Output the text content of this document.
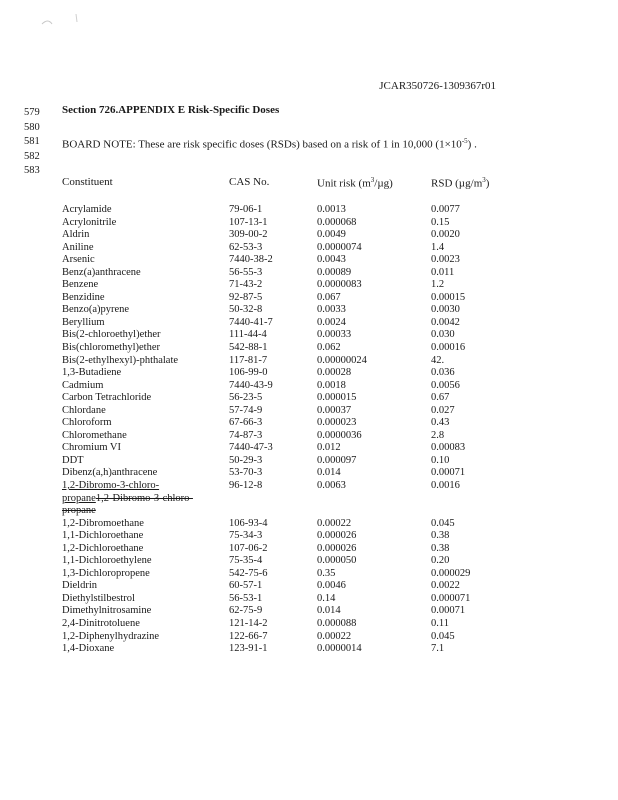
JCAR350726-1309367r01
579
580
581
582
583
Section 726.APPENDIX E Risk-Specific Doses
BOARD NOTE: These are risk specific doses (RSDs) based on a risk of 1 in 10,000 $(1\times 10^{-5})$ .
Constituent	CAS No.	Unit risk $(m^3/\mu g)$	RSD $(\mu g/m^3)$
Acrylamide	79-06-1	0.0013	0.0077
Acrylonitrile	107-13-1	0.000068	0.15
Aldrin	309-00-2	0.0049	0.0020
Aniline	62-53-3	0.0000074	1.4
Arsenic	7440-38-2	0.0043	0.0023
Benz(a)anthracene	56-55-3	0.00089	0.011
Benzene	71-43-2	0.0000083	1.2
Benzidine	92-87-5	0.067	0.00015
Benzo(a)pyrene	50-32-8	0.0033	0.0030
Beryllium	7440-41-7	0.0024	0.0042
Bis(2-chloroethyl)ether	111-44-4	0.00033	0.030
Bis(chloromethyl)ether	542-88-1	0.062	0.00016
Bis(2-ethylhexyl)-phthalate	117-81-7	0.00000024	42.
1,3-Butadiene	106-99-0	0.00028	0.036
Cadmium	7440-43-9	0.0018	0.0056
Carbon Tetrachloride	56-23-5	0.000015	0.67
Chlordane	57-74-9	0.00037	0.027
Chloroform	67-66-3	0.000023	0.43
Chloromethane	74-87-3	0.0000036	2.8
Chromium VI	7440-47-3	0.012	0.00083
DDT	50-29-3	0.000097	0.10
Dibenz(a,h)anthracene	53-70-3	0.014	0.00071
1,2-Dibromo-3-chloro-	96-12-8	0.0063	0.0016
propane1,2-Dibromo-3-chloro-
propane
1,2-Dibromoethane	106-93-4	0.00022	0.045
1,1-Dichloroethane	75-34-3	0.000026	0.38
1,2-Dichloroethane	107-06-2	0.000026	0.38
1,1-Dichloroethylene	75-35-4	0.000050	0.20
1,3-Dichloropropene	542-75-6	0.35	0.000029
Dieldrin	60-57-1	0.0046	0.0022
Diethylstilbestrol	56-53-1	0.14	0.000071
Dimethylnitrosamine	62-75-9	0.014	0.00071
2,4-Dinitrotoluene	121-14-2	0.000088	0.11
1,2-Diphenylhydrazine	122-66-7	0.00022	0.045
1,4-Dioxane	123-91-1	0.0000014	7.1
